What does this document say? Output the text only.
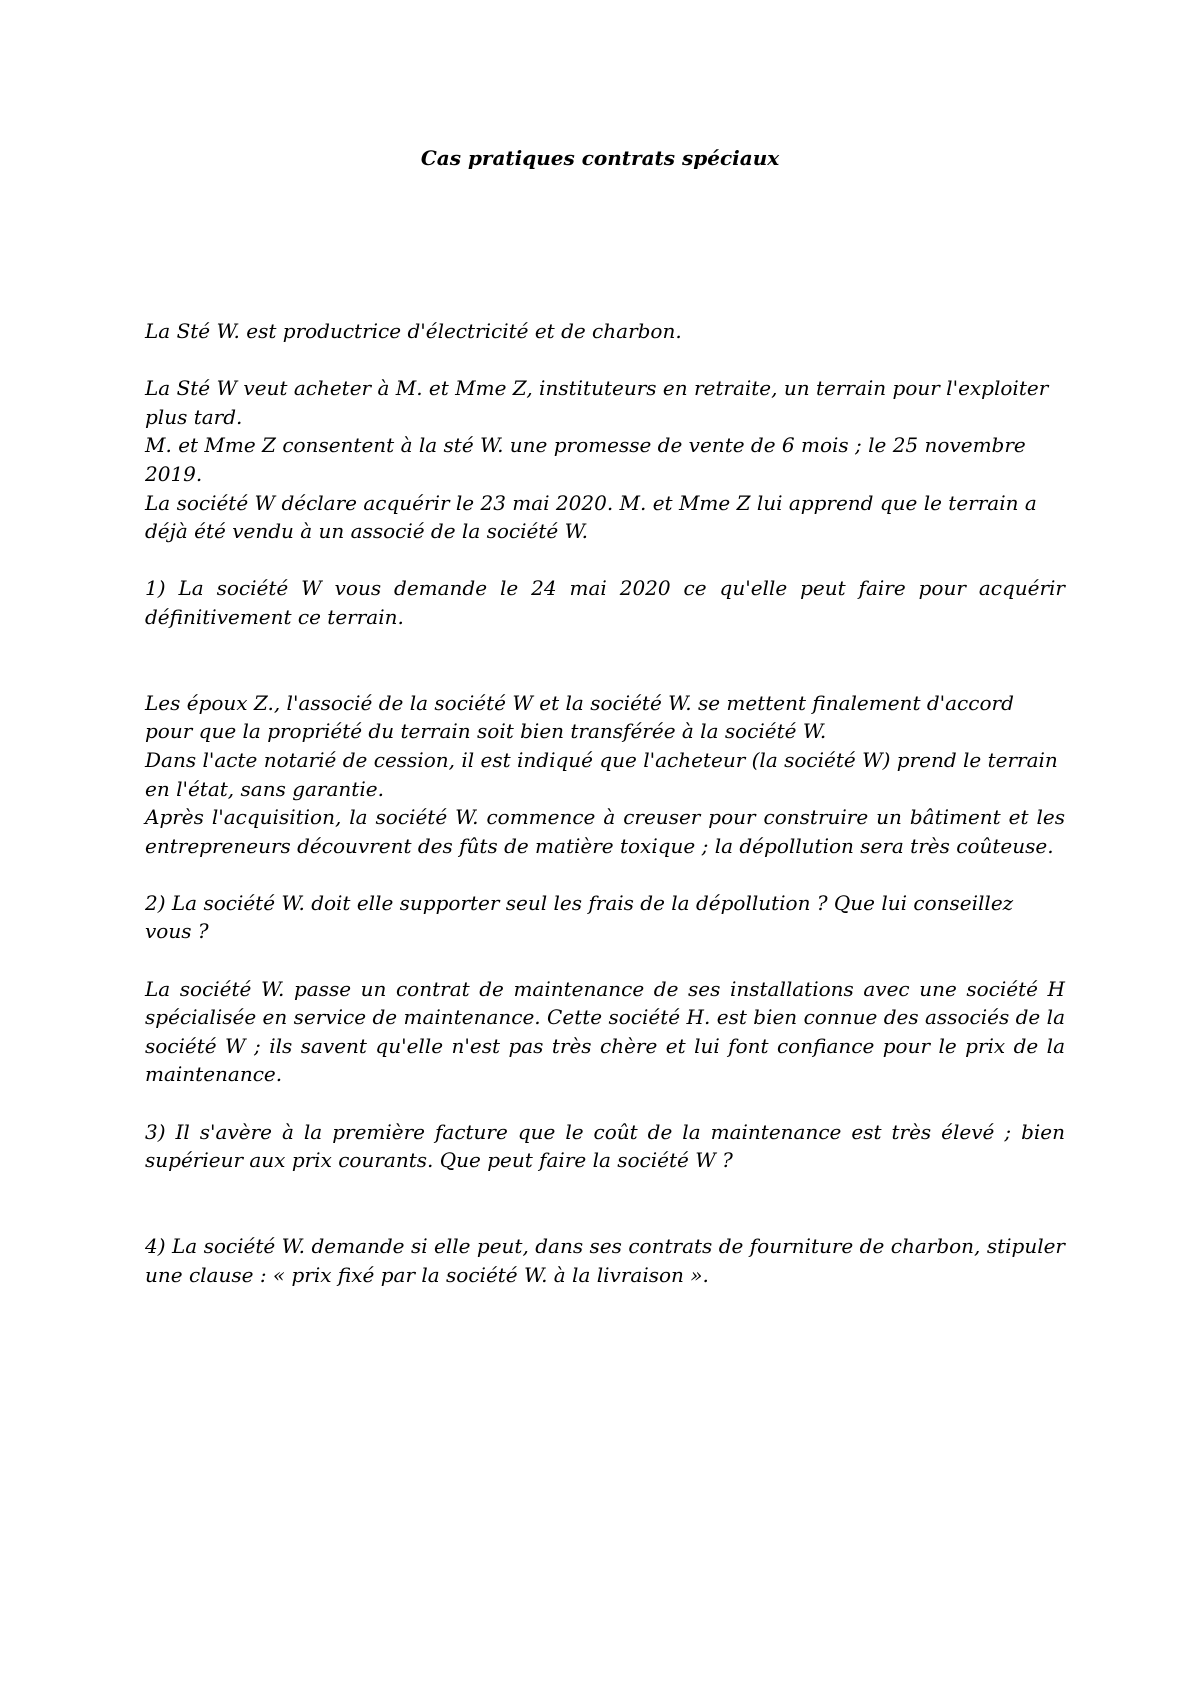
Cas pratiques contrats spéciaux

La Sté W. est productrice d'électricité et de charbon.

La Sté W veut acheter à M. et Mme Z, instituteurs en retraite, un terrain pour l'exploiter plus tard.
M. et Mme Z consentent à la sté W. une promesse de vente de 6 mois ; le 25 novembre 2019.
La société W déclare acquérir le 23 mai 2020. M. et Mme Z lui apprend que le terrain a déjà été vendu à un associé de la société W.

1) La société W vous demande le 24 mai 2020 ce qu'elle peut faire pour acquérir définitivement ce terrain.

Les époux Z., l'associé de la société W et la société W. se mettent finalement d'accord pour que la propriété du terrain soit bien transférée à la société W.
Dans l'acte notarié de cession, il est indiqué que l'acheteur (la société W) prend le terrain en l'état, sans garantie.
Après l'acquisition, la société W. commence à creuser pour construire un bâtiment et les entrepreneurs découvrent des fûts de matière toxique ; la dépollution sera très coûteuse.

2) La société W. doit elle supporter seul les frais de la dépollution ? Que lui conseillez vous ?

La société W. passe un contrat de maintenance de ses installations avec une société H spécialisée en service de maintenance. Cette société H. est bien connue des associés de la société W ; ils savent qu'elle n'est pas très chère et lui font confiance pour le prix de la maintenance.

3) Il s'avère à la première facture que le coût de la maintenance est très élevé ; bien supérieur aux prix courants. Que peut faire la société W ?

4) La société W. demande si elle peut, dans ses contrats de fourniture de charbon, stipuler une clause : « prix fixé par la société W. à la livraison ».
